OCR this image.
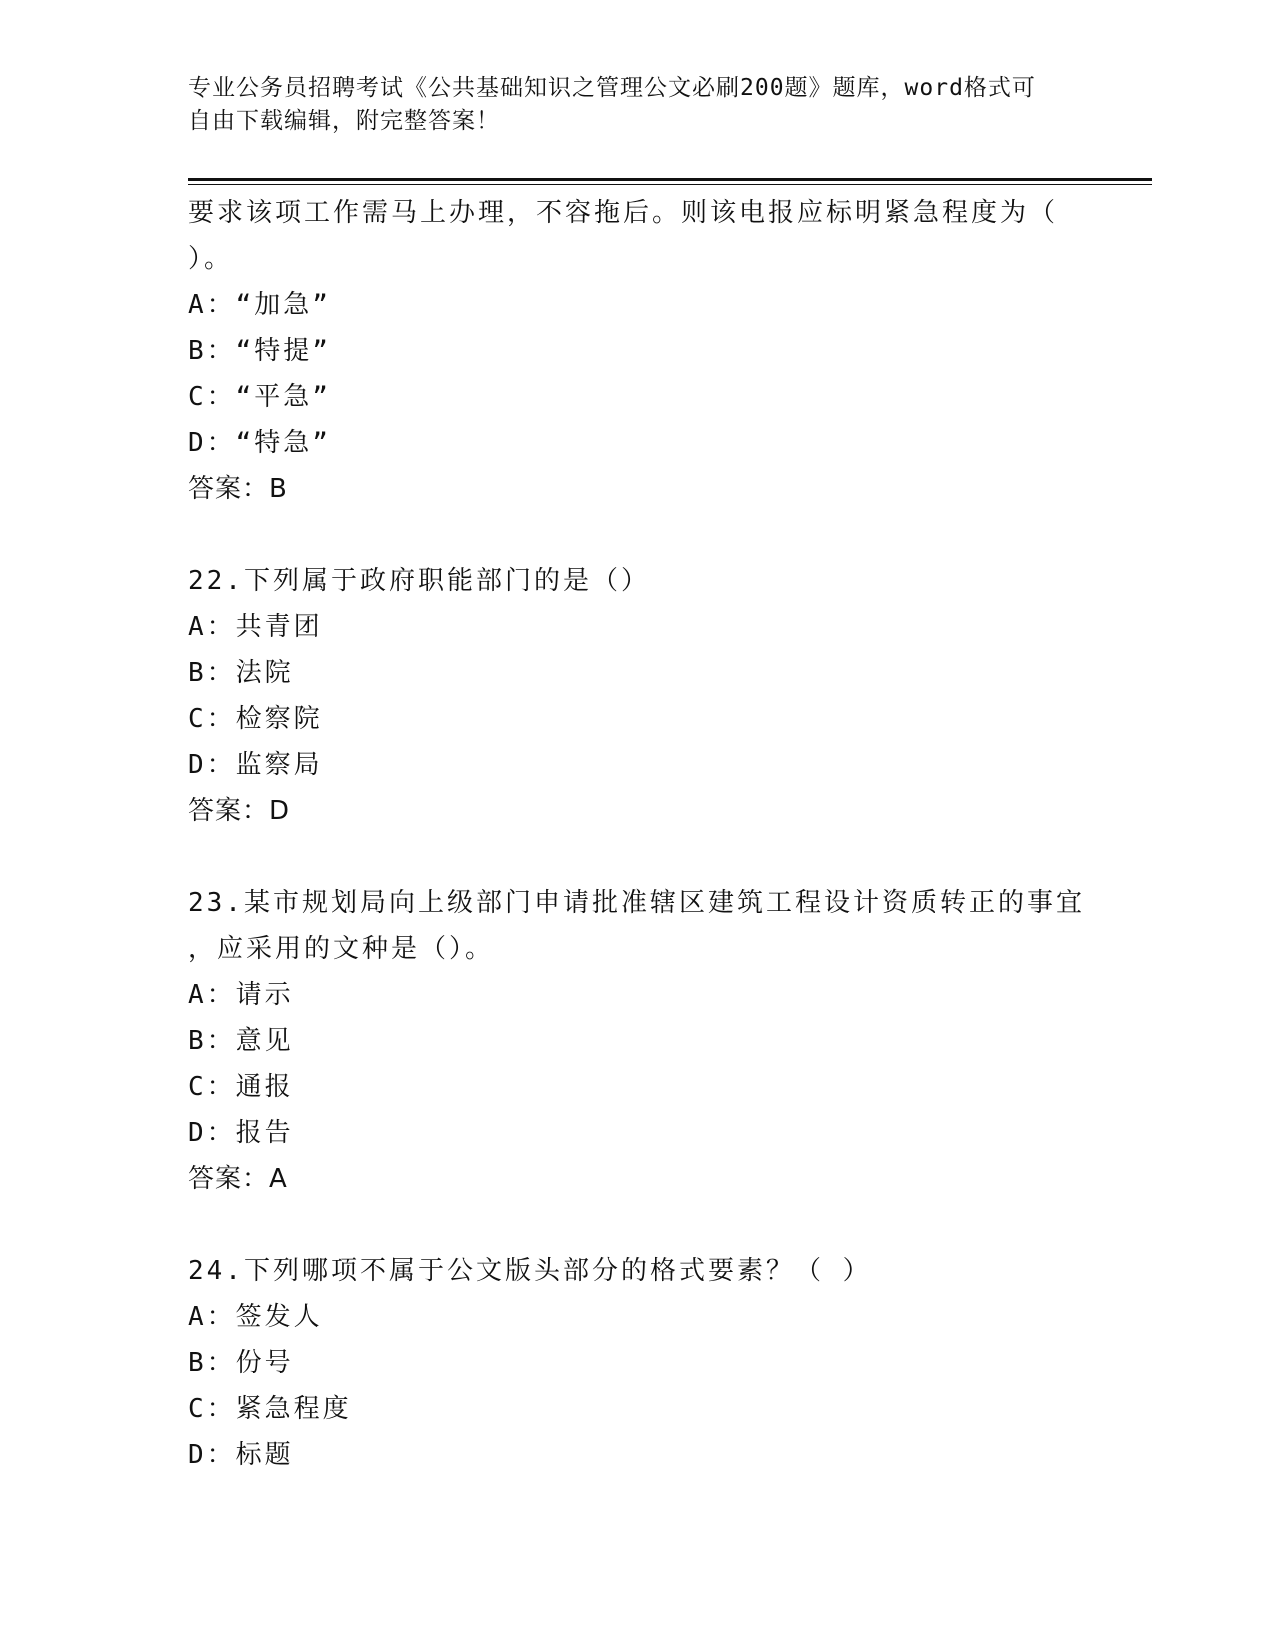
专业公务员招聘考试《公共基础知识之管理公文必刷200题》题库，word格式可
自由下载编辑，附完整答案！
要求该项工作需马上办理，不容拖后。则该电报应标明紧急程度为（
）。
A：“加急”
B：“特提”
C：“平急”
D：“特急”
答案：B
22.下列属于政府职能部门的是（）
A：共青团
B：法院
C：检察院
D：监察局
答案：D
23.某市规划局向上级部门申请批准辖区建筑工程设计资质转正的事宜
，应采用的文种是（）。
A：请示
B：意见
C：通报
D：报告
答案：A
24.下列哪项不属于公文版头部分的格式要素？（ ）
A：签发人
B：份号
C：紧急程度
D：标题
